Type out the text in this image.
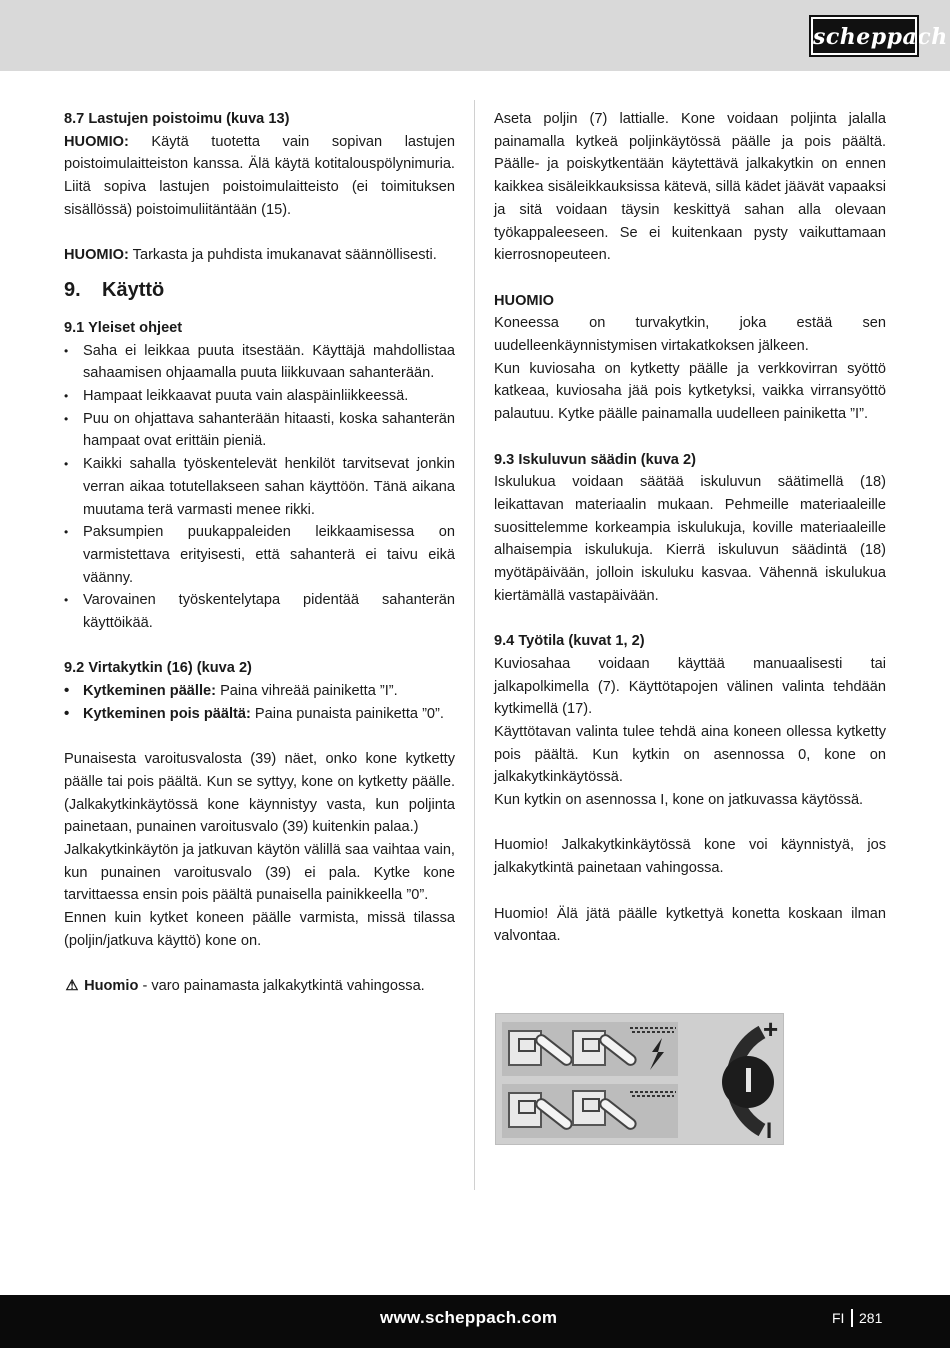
scheppach
8.7 Lastujen poistoimu (kuva 13)
HUOMIO: Käytä tuotetta vain sopivan lastujen poistoimulaitteiston kanssa. Älä käytä kotitalouspölynimuria. Liitä sopiva lastujen poistoimulaitteisto (ei toimituksen sisällössä) poistoimuliitäntään (15).
HUOMIO: Tarkasta ja puhdista imukanavat säännöllisesti.
9.	Käyttö
9.1 Yleiset ohjeet
• Saha ei leikkaa puuta itsestään. Käyttäjä mahdollistaa sahaamisen ohjaamalla puuta liikkuvaan sahanterään.
• Hampaat leikkaavat puuta vain alaspäinliikkeessä.
• Puu on ohjattava sahanterään hitaasti, koska sahanterän hampaat ovat erittäin pieniä.
• Kaikki sahalla työskentelevät henkilöt tarvitsevat jonkin verran aikaa totutellakseen sahan käyttöön. Tänä aikana muutama terä varmasti menee rikki.
• Paksumpien puukappaleiden leikkaamisessa on varmistettava erityisesti, että sahanterä ei taivu eikä väänny.
• Varovainen työskentelytapa pidentää sahanterän käyttöikää.
9.2 Virtakytkin (16) (kuva 2)
• Kytkeminen päälle: Paina vihreää painiketta ”I”.
• Kytkeminen pois päältä: Paina punaista painiketta ”0”.
Punaisesta varoitusvalosta (39) näet, onko kone kytketty päälle tai pois päältä. Kun se syttyy, kone on kytketty päälle. (Jalkakytkinkäytössä kone käynnistyy vasta, kun poljinta painetaan, punainen varoitusvalo (39) kuitenkin palaa.)
Jalkakytkinkäytön ja jatkuvan käytön välillä saa vaihtaa vain, kun punainen varoitusvalo (39) ei pala. Kytke kone tarvittaessa ensin pois päältä punaisella painikkeella ”0”.
Ennen kuin kytket koneen päälle varmista, missä tilassa (poljin/jatkuva käyttö) kone on.
⚠ Huomio - varo painamasta jalkakytkintä vahingossa.
Aseta poljin (7) lattialle. Kone voidaan poljinta jalalla painamalla kytkeä poljinkäytössä päälle ja pois päältä. Päälle- ja poiskytkentään käytettävä jalkakytkin on ennen kaikkea sisäleikkauksissa kätevä, sillä kädet jäävät vapaaksi ja sitä voidaan täysin keskittyä sahan alla olevaan työkappaleeseen. Se ei kuitenkaan pysty vaikuttamaan kierrosnopeuteen.
HUOMIO
Koneessa on turvakytkin, joka estää sen uudelleenkäynnistymisen virtakatkoksen jälkeen.
Kun kuviosaha on kytketty päälle ja verkkovirran syöttö katkeaa, kuviosaha jää pois kytketyksi, vaikka virransyöttö palautuu. Kytke päälle painamalla uudelleen painiketta ”I”.
9.3 Iskuluvun säädin (kuva 2)
Iskulukua voidaan säätää iskuluvun säätimellä (18) leikattavan materiaalin mukaan. Pehmeille materiaaleille suosittelemme korkeampia iskulukuja, koville materiaaleille alhaisempia iskulukuja. Kierrä iskuluvun säädintä (18) myötäpäivään, jolloin iskuluku kasvaa. Vähennä iskulukua kiertämällä vastapäivään.
9.4 Työtila (kuvat 1, 2)
Kuviosahaa voidaan käyttää manuaalisesti tai jalkapolkimella (7). Käyttötapojen välinen valinta tehdään kytkimellä (17).
Käyttötavan valinta tulee tehdä aina koneen ollessa kytketty pois päältä. Kun kytkin on asennossa 0, kone on jalkakytkinkäytössä.
Kun kytkin on asennossa I, kone on jatkuvassa käytössä.
Huomio! Jalkakytkinkäytössä kone voi käynnistyä, jos jalkakytkintä painetaan vahingossa.
Huomio! Älä jätä päälle kytkettyä konetta koskaan ilman valvontaa.
+
I
www.scheppach.com	FI 281
